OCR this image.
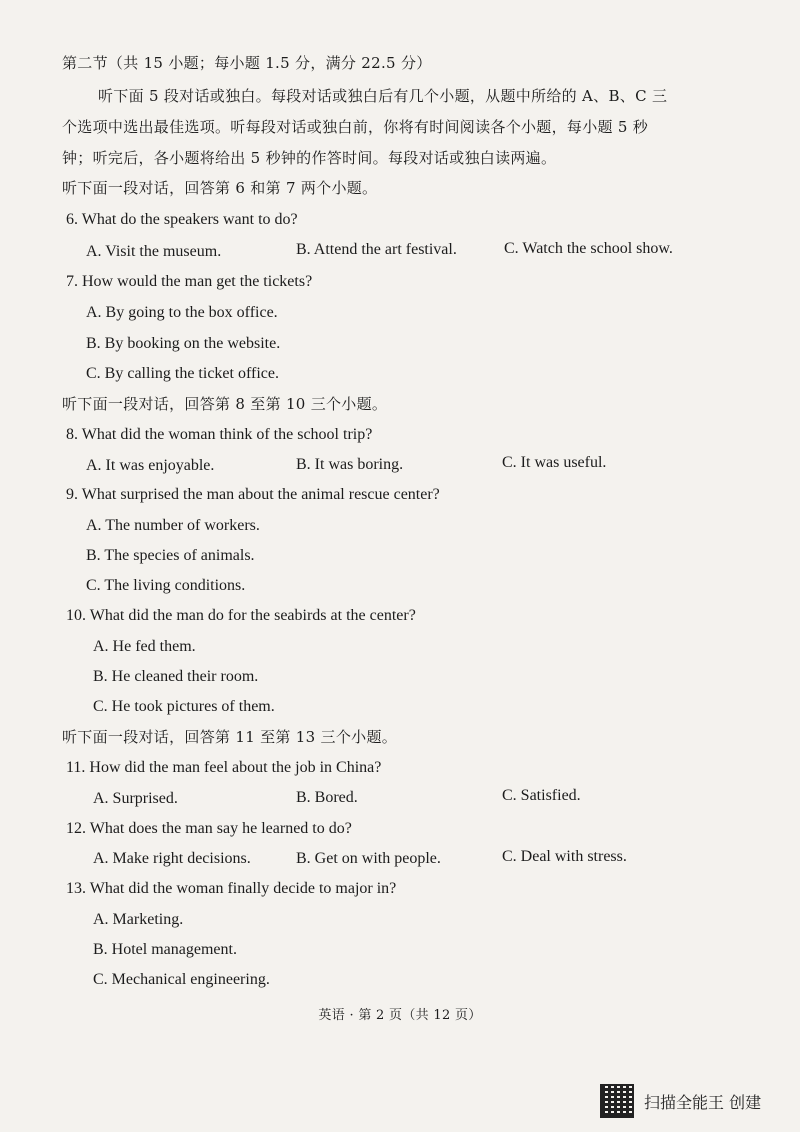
第二节（共 15 小题；每小题 1.5 分，满分 22.5 分）
听下面 5 段对话或独白。每段对话或独白后有几个小题，从题中所给的 A、B、C 三
个选项中选出最佳选项。听每段对话或独白前，你将有时间阅读各个小题，每小题 5 秒
钟；听完后，各小题将给出 5 秒钟的作答时间。每段对话或独白读两遍。
听下面一段对话，回答第 6 和第 7 两个小题。
6. What do the speakers want to do?
A. Visit the museum.	B. Attend the art festival.	C. Watch the school show.
7. How would the man get the tickets?
A. By going to the box office.
B. By booking on the website.
C. By calling the ticket office.
听下面一段对话，回答第 8 至第 10 三个小题。
8. What did the woman think of the school trip?
A. It was enjoyable.	B. It was boring.	C. It was useful.
9. What surprised the man about the animal rescue center?
A. The number of workers.
B. The species of animals.
C. The living conditions.
10. What did the man do for the seabirds at the center?
A. He fed them.
B. He cleaned their room.
C. He took pictures of them.
听下面一段对话，回答第 11 至第 13 三个小题。
11. How did the man feel about the job in China?
A. Surprised.	B. Bored.	C. Satisfied.
12. What does the man say he learned to do?
A. Make right decisions.	B. Get on with people.	C. Deal with stress.
13. What did the woman finally decide to major in?
A. Marketing.
B. Hotel management.
C. Mechanical engineering.
英语 · 第 2 页（共 12 页）
扫描全能王 创建
